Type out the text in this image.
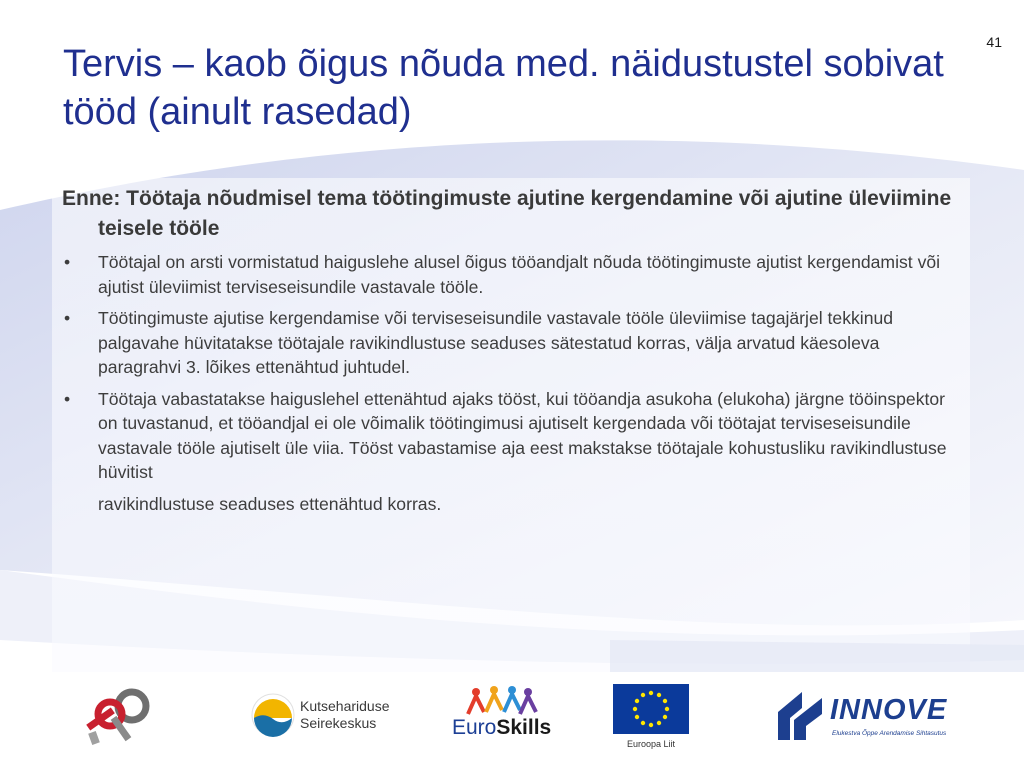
41
Tervis – kaob õigus nõuda med. näidustustel sobivat tööd (ainult rasedad)
Enne: Töötaja nõudmisel tema töötingimuste ajutine kergendamine või ajutine üleviimine teisele tööle
• Töötajal on arsti vormistatud haiguslehe alusel õigus tööandjalt nõuda töötingimuste ajutist kergendamist või ajutist üleviimist terviseseisundile vastavale tööle.
• Töötingimuste ajutise kergendamise või terviseseisundile vastavale tööle üleviimise tagajärjel tekkinud palgavahe hüvitatakse töötajale ravikindlustuse seaduses sätestatud korras, välja arvatud käesoleva paragrahvi 3. lõikes ettenähtud juhtudel.
• Töötaja vabastatakse haiguslehel ettenähtud ajaks tööst, kui tööandja asukoha (elukoha) järgne tööinspektor on tuvastanud, et tööandjal ei ole võimalik töötingimusi ajutiselt kergendada või töötajat terviseseisundile vastavale tööle ajutiselt üle viia. Tööst vabastamise aja eest makstakse töötajale kohustusliku ravikindlustuse hüvitist
ravikindlustuse seaduses ettenähtud korras.
Kutsehariduse
Seirekeskus	EuroSkills
Euroopa Liit
INNOVE
Elukestva Õppe Arendamise Sihtasutus
